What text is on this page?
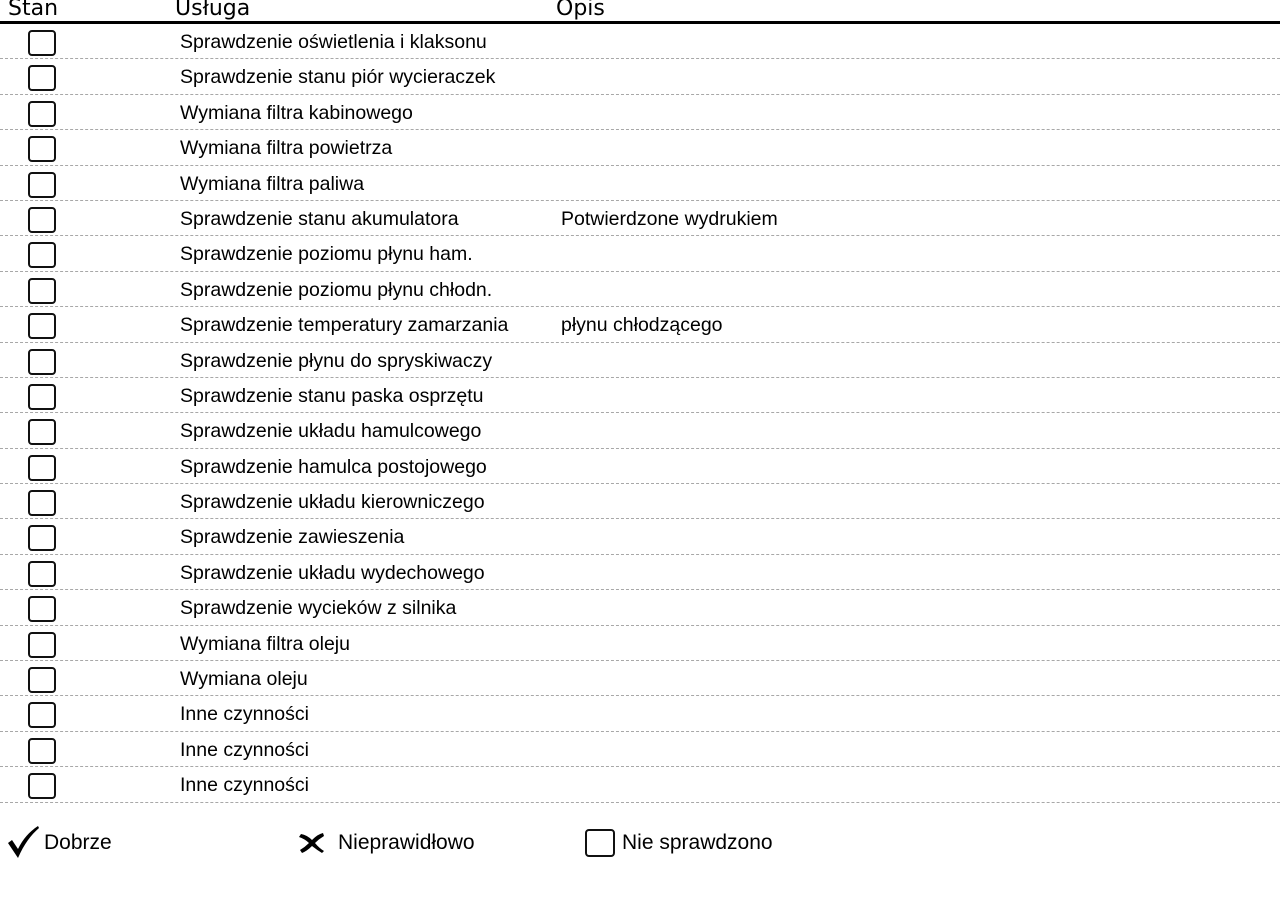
Stan	Usługa	Opis
Sprawdzenie oświetlenia i klaksonu
Sprawdzenie stanu piór wycieraczek
Wymiana filtra kabinowego
Wymiana filtra powietrza
Wymiana filtra paliwa
Sprawdzenie stanu akumulatora	Potwierdzone wydrukiem
Sprawdzenie poziomu płynu ham.
Sprawdzenie poziomu płynu chłodn.
Sprawdzenie temperatury zamarzania	płynu chłodzącego
Sprawdzenie płynu do spryskiwaczy
Sprawdzenie stanu paska osprzętu
Sprawdzenie układu hamulcowego
Sprawdzenie hamulca postojowego
Sprawdzenie układu kierowniczego
Sprawdzenie zawieszenia
Sprawdzenie układu wydechowego
Sprawdzenie wycieków z silnika
Wymiana filtra oleju
Wymiana oleju
Inne czynności
Inne czynności
Inne czynności
Dobrze	Nieprawidłowo	Nie sprawdzono
